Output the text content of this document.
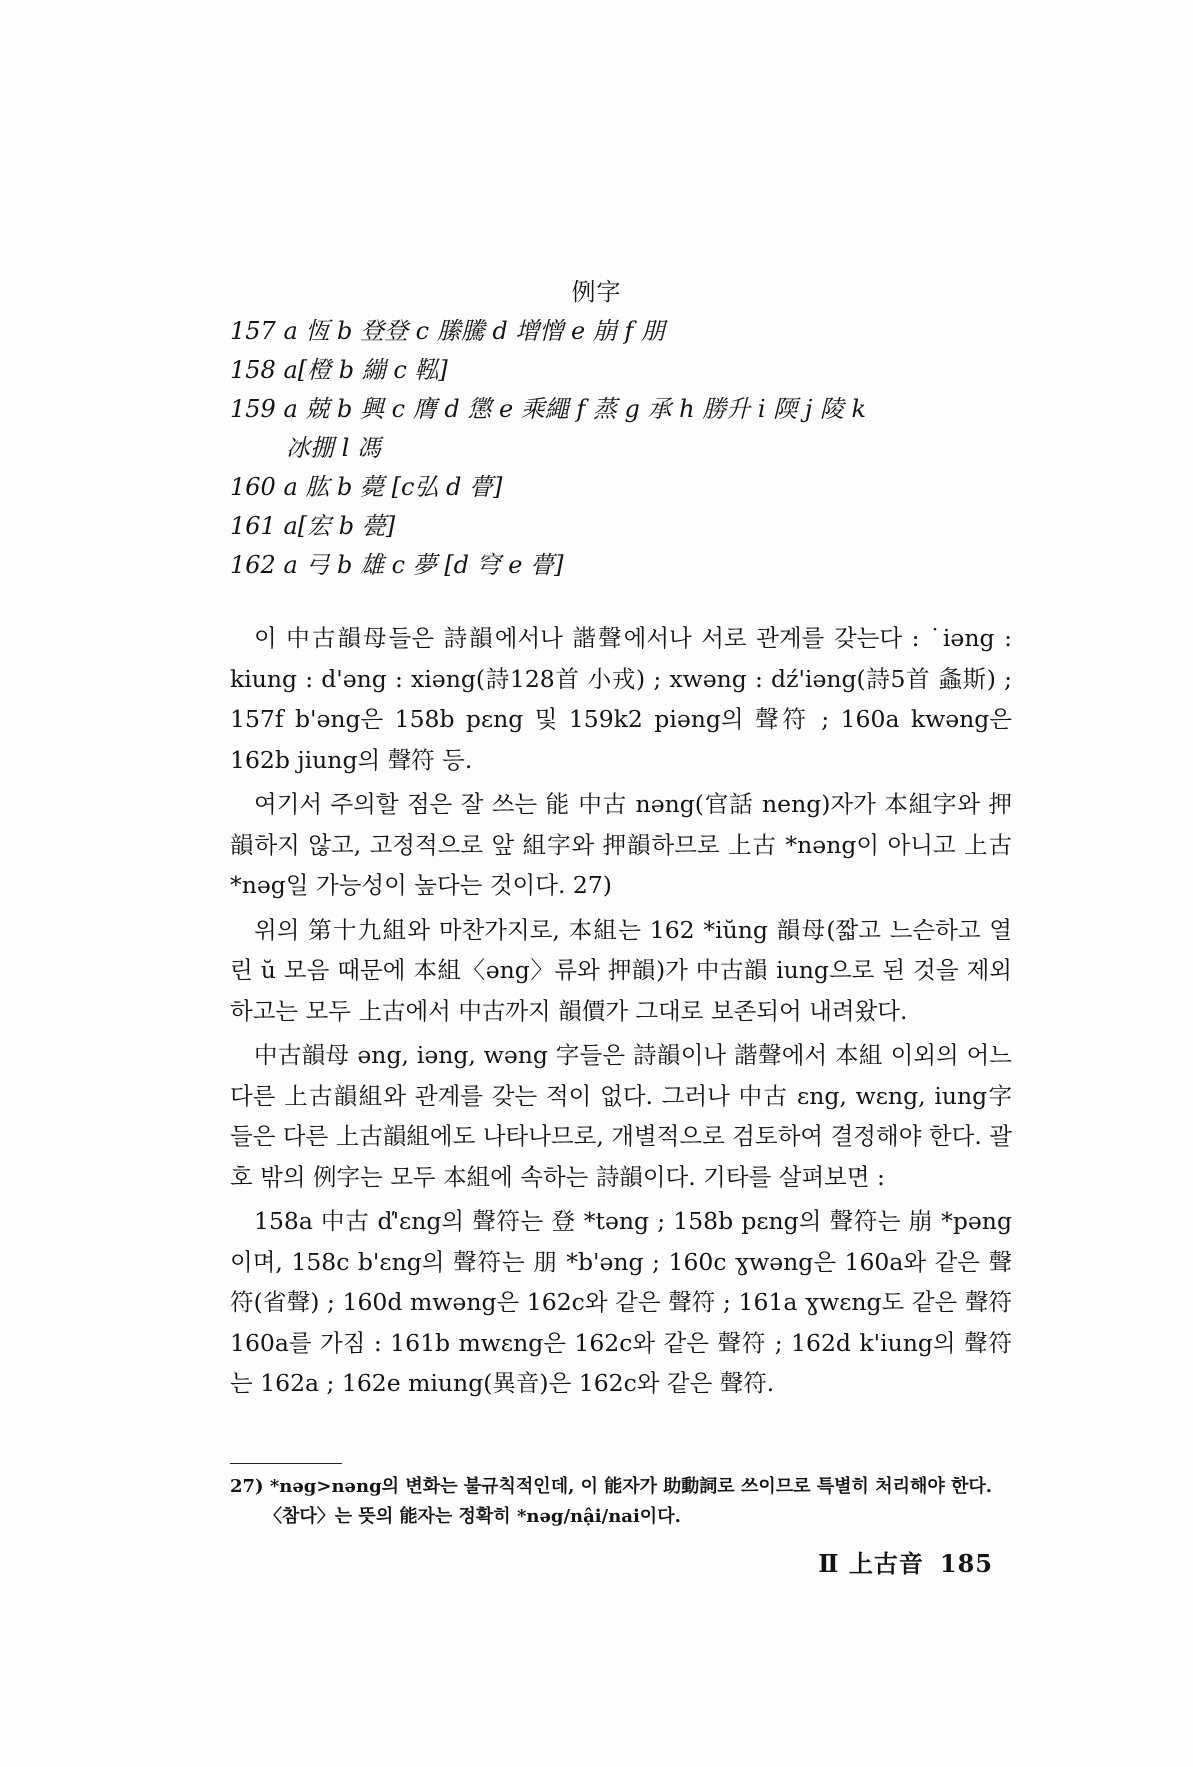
例字
157 a 恆 b 登登 c 縢騰 d 增憎 e 崩 f 朋
158 a[橙 b 繃 c 鞃]
159 a 兢 b 興 c 膺 d 懲 e 乘繩 f 蒸 g 承 h 勝升 i 陾 j 陵 k
冰掤 l 馮
160 a 肱 b 薨 [c弘 d 瞢]
161 a[宏 b 甍]
162 a 弓 b 雄 c 夢 [d 穹 e 瞢]

이 中古韻母들은 詩韻에서나 諧聲에서나 서로 관계를 갖는다 : ˙iəng : kiung : d'əng : xiəng(詩128首 小戎) ; xwəng : dź'iəng(詩5首 螽斯) ; 157f b'əng은 158b pɛng 및 159k2 piəng의 聲符 ; 160a kwəng은 162b jiung의 聲符 등.

여기서 주의할 점은 잘 쓰는 能 中古 nəng(官話 neng)자가 本組字와 押韻하지 않고, 고정적으로 앞 組字와 押韻하므로 上古 *nəng이 아니고 上古 *nəg일 가능성이 높다는 것이다. 27)

위의 第十九組와 마찬가지로, 本組는 162 *iŭng 韻母(짧고 느슨하고 열린 ŭ 모음 때문에 本組〈əng〉류와 押韻)가 中古韻 iung으로 된 것을 제외하고는 모두 上古에서 中古까지 韻價가 그대로 보존되어 내려왔다.

中古韻母 əng, iəng, wəng 字들은 詩韻이나 諧聲에서 本組 이외의 어느 다른 上古韻組와 관계를 갖는 적이 없다. 그러나 中古 ɛng, wɛng, iung字들은 다른 上古韻組에도 나타나므로, 개별적으로 검토하여 결정해야 한다. 괄호 밖의 例字는 모두 本組에 속하는 詩韻이다. 기타를 살펴보면 :

158a 中古 ď'ɛng의 聲符는 登 *təng ; 158b pɛng의 聲符는 崩 *pəng이며, 158c b'ɛng의 聲符는 朋 *b'əng ; 160c ɣwəng은 160a와 같은 聲符(省聲) ; 160d mwəng은 162c와 같은 聲符 ; 161a ɣwɛng도 같은 聲符 160a를 가짐 : 161b mwɛng은 162c와 같은 聲符 ; 162d k'iung의 聲符는 162a ; 162e miung(異音)은 162c와 같은 聲符.

27) *nəg>nəng의 변화는 불규칙적인데, 이 能자가 助動詞로 쓰이므로 특별히 처리해야 한다. 〈참다〉는 뜻의 能자는 정확히 *nəg/nậi/nai이다.
Ⅱ 上古音 185
